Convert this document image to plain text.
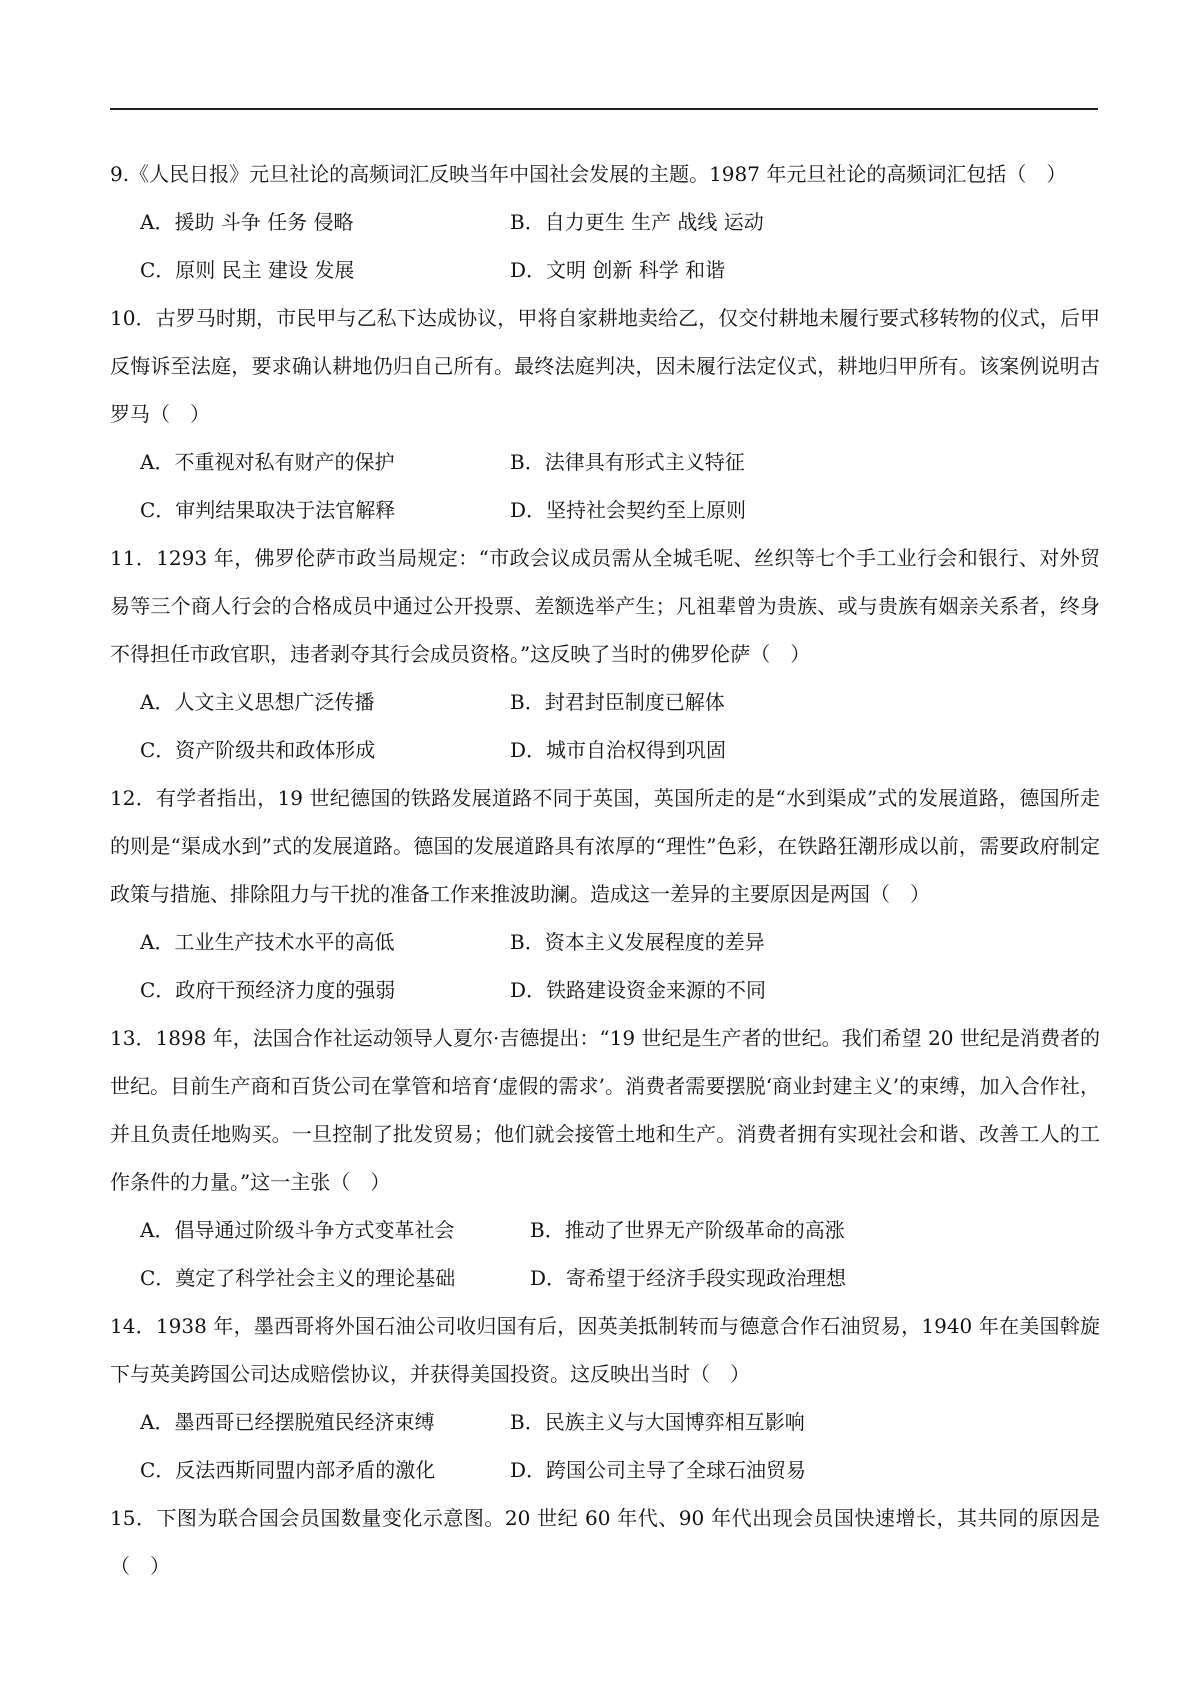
9.《人民日报》元旦社论的高频词汇反映当年中国社会发展的主题。1987 年元旦社论的高频词汇包括（　）

A．援助 斗争 任务 侵略	B．自力更生 生产 战线 运动
C．原则 民主 建设 发展	D．文明 创新 科学 和谐

10．古罗马时期，市民甲与乙私下达成协议，甲将自家耕地卖给乙，仅交付耕地未履行要式移转物的仪式，后甲反悔诉至法庭，要求确认耕地仍归自己所有。最终法庭判决，因未履行法定仪式，耕地归甲所有。该案例说明古罗马（　）

A．不重视对私有财产的保护	B．法律具有形式主义特征
C．审判结果取决于法官解释	D．坚持社会契约至上原则

11．1293 年，佛罗伦萨市政当局规定：“市政会议成员需从全城毛呢、丝织等七个手工业行会和银行、对外贸易等三个商人行会的合格成员中通过公开投票、差额选举产生；凡祖辈曾为贵族、或与贵族有姻亲关系者，终身不得担任市政官职，违者剥夺其行会成员资格。”这反映了当时的佛罗伦萨（　）

A．人文主义思想广泛传播	B．封君封臣制度已解体
C．资产阶级共和政体形成	D．城市自治权得到巩固

12．有学者指出，19 世纪德国的铁路发展道路不同于英国，英国所走的是“水到渠成”式的发展道路，德国所走的则是“渠成水到”式的发展道路。德国的发展道路具有浓厚的“理性”色彩，在铁路狂潮形成以前，需要政府制定政策与措施、排除阻力与干扰的准备工作来推波助澜。造成这一差异的主要原因是两国（　）

A．工业生产技术水平的高低	B．资本主义发展程度的差异
C．政府干预经济力度的强弱	D．铁路建设资金来源的不同

13．1898 年，法国合作社运动领导人夏尔·吉德提出：“19 世纪是生产者的世纪。我们希望 20 世纪是消费者的世纪。目前生产商和百货公司在掌管和培育‘虚假的需求’。消费者需要摆脱‘商业封建主义’的束缚，加入合作社，并且负责任地购买。一旦控制了批发贸易；他们就会接管土地和生产。消费者拥有实现社会和谐、改善工人的工作条件的力量。”这一主张（　）

A．倡导通过阶级斗争方式变革社会	B．推动了世界无产阶级革命的高涨
C．奠定了科学社会主义的理论基础	D．寄希望于经济手段实现政治理想

14．1938 年，墨西哥将外国石油公司收归国有后，因英美抵制转而与德意合作石油贸易，1940 年在美国斡旋下与英美跨国公司达成赔偿协议，并获得美国投资。这反映出当时（　）

A．墨西哥已经摆脱殖民经济束缚	B．民族主义与大国博弈相互影响
C．反法西斯同盟内部矛盾的激化	D．跨国公司主导了全球石油贸易

15．下图为联合国会员国数量变化示意图。20 世纪 60 年代、90 年代出现会员国快速增长，其共同的原因是（　）
